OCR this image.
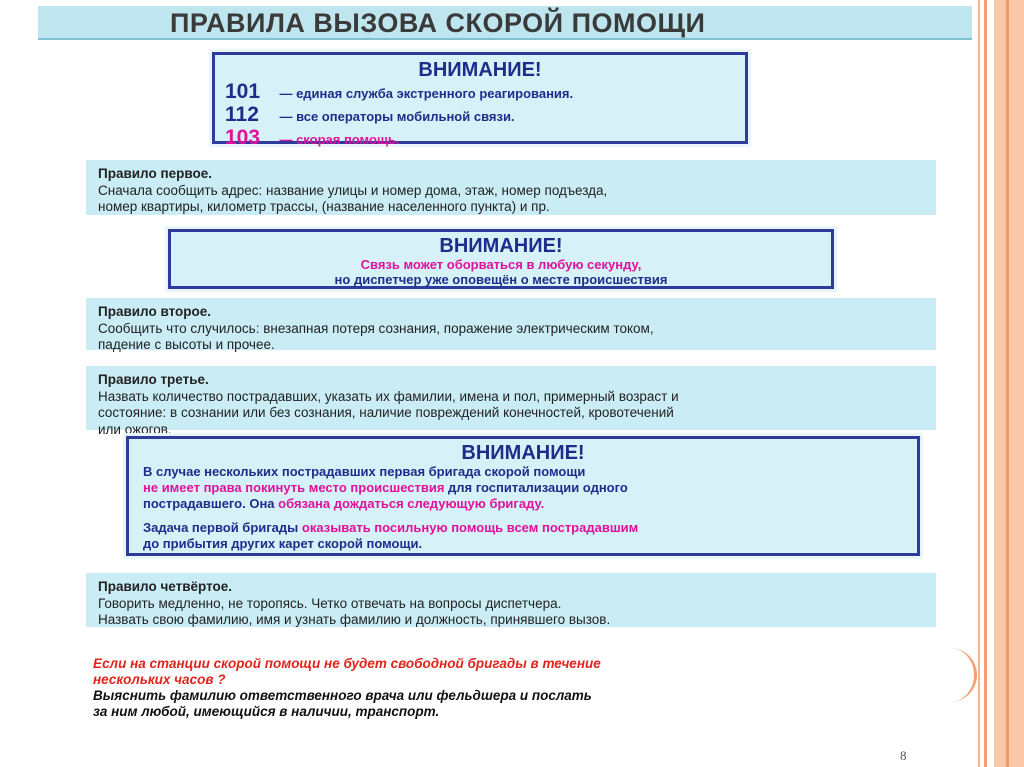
ПРАВИЛА ВЫЗОВА СКОРОЙ ПОМОЩИ
ВНИМАНИЕ!
101 — единая служба экстренного реагирования.
112 — все операторы мобильной связи.
103 — скорая помощь.
Правило первое.
Сначала сообщить адрес: название улицы и номер дома, этаж, номер подъезда,
номер квартиры, километр трассы, (название населенного пункта) и пр.
ВНИМАНИЕ!
Связь может оборваться в любую секунду,
но диспетчер уже оповещён о месте происшествия
Правило второе.
Сообщить что случилось: внезапная потеря сознания, поражение электрическим током,
падение с высоты и прочее.
Правило третье.
Назвать количество пострадавших, указать их фамилии, имена и пол, примерный возраст и
состояние: в сознании или без сознания, наличие повреждений конечностей, кровотечений
или ожогов.
ВНИМАНИЕ!
В случае нескольких пострадавших первая бригада скорой помощи
не имеет права покинуть место происшествия для госпитализации одного
пострадавшего. Она обязана дождаться следующую бригаду.
Задача первой бригады оказывать посильную помощь всем пострадавшим
до прибытия других карет скорой помощи.
Правило четвёртое.
Говорить медленно, не торопясь. Четко отвечать на вопросы диспетчера.
Назвать свою фамилию, имя и узнать фамилию и должность, принявшего вызов.
Если на станции скорой помощи не будет свободной бригады в течение
нескольких часов ?
Выяснить фамилию ответственного врача или фельдшера и послать
за ним любой, имеющийся в наличии, транспорт.
8
